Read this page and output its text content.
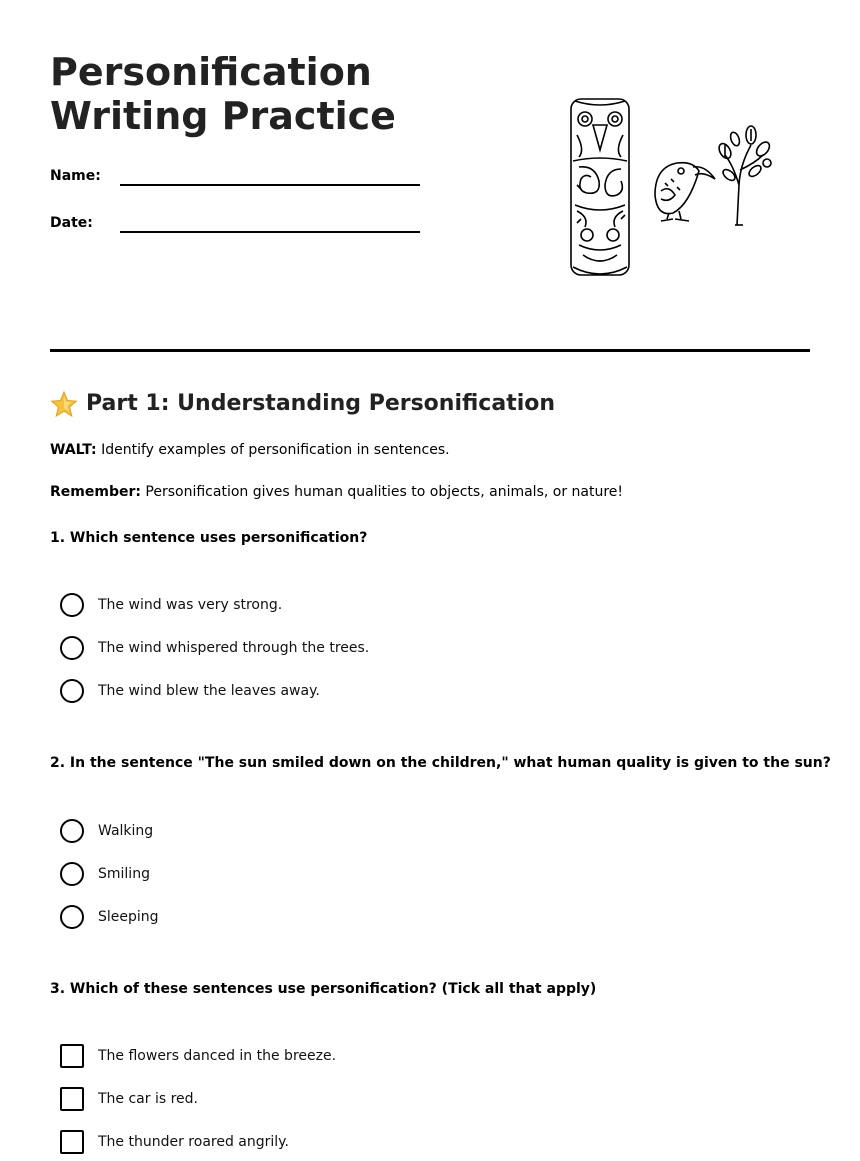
Personification Writing Practice
Name:
Date:
Part 1: Understanding Personification

WALT: Identify examples of personification in sentences.

Remember: Personification gives human qualities to objects, animals, or nature!

1. Which sentence uses personification?

The wind was very strong.
The wind whispered through the trees.
The wind blew the leaves away.

2. In the sentence "The sun smiled down on the children," what human quality is given to the sun?

Walking
Smiling
Sleeping

3. Which of these sentences use personification? (Tick all that apply)

The flowers danced in the breeze.
The car is red.
The thunder roared angrily.
